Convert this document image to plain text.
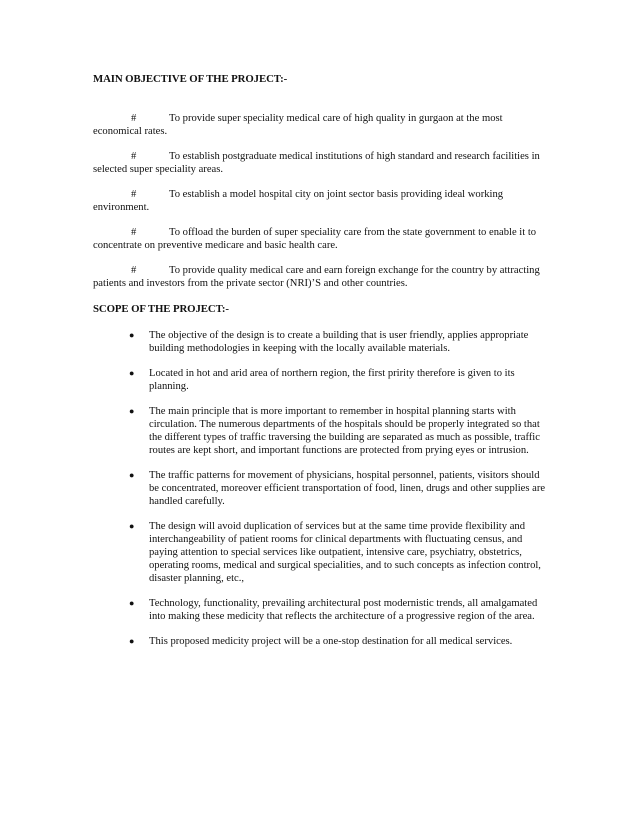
MAIN OBJECTIVE OF THE PROJECT:-
#	To provide super speciality medical care of high quality in gurgaon at the most economical rates.
#	To establish postgraduate medical institutions of high standard and research facilities in selected super speciality areas.
#	To establish a model hospital city on joint sector basis providing ideal working environment.
#	To offload the burden of super speciality care from the state government to enable it to concentrate on preventive medicare and basic health care.
#	To provide quality medical care and earn foreign exchange for the country by attracting patients and investors from the private sector (NRI)’S and other countries.
SCOPE OF THE PROJECT:-
● The objective of the design is to create a building that is user friendly, applies appropriate building methodologies in keeping with the locally available materials.
● Located in hot and arid area of northern region, the first pririty therefore is given to its planning.
● The main principle that is more important to remember in hospital planning starts with circulation. The numerous departments of the hospitals should be properly integrated so that the different types of traffic traversing the building are separated as much as possible, traffic routes are kept short, and important functions are protected from prying eyes or intrusion.
● The traffic patterns for movement of physicians, hospital personnel, patients, visitors should be concentrated, moreover efficient transportation of food, linen, drugs and other supplies are handled carefully.
● The design will avoid duplication of services but at the same time provide flexibility and interchangeability of patient rooms for clinical departments with fluctuating census, and paying attention to special services like outpatient, intensive care, psychiatry, obstetrics, operating rooms, medical and surgical specialities, and to such concepts as infection control, disaster planning, etc.,
● Technology, functionality, prevailing architectural post modernistic trends, all amalgamated into making these medicity that reflects the architecture of a progressive region of the area.
● This proposed medicity project will be a one-stop destination for all medical services.
